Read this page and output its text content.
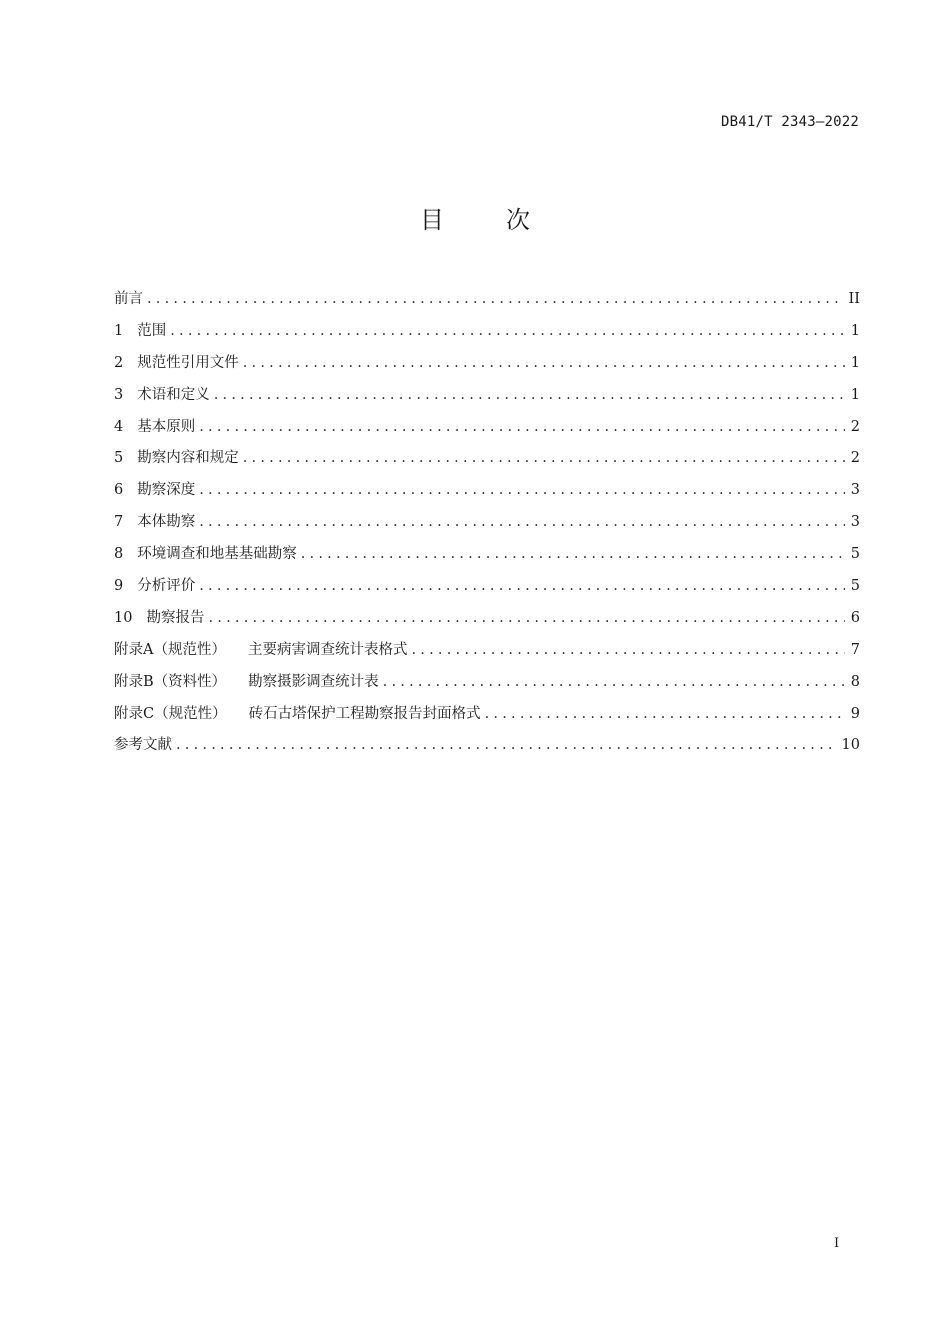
DB41/T 2343—2022
目次
前言 .....	II
1 范围 .....	1
2 规范性引用文件 .....	1
3 术语和定义 .....	1
4 基本原则 .....	2
5 勘察内容和规定 .....	2
6 勘察深度 .....	3
7 本体勘察 .....	3
8 环境调查和地基基础勘察 .....	5
9 分析评价 .....	5
10 勘察报告 .....	6
附录A（规范性） 主要病害调查统计表格式 .....	7
附录B（资料性） 勘察摄影调查统计表 .....	8
附录C（规范性） 砖石古塔保护工程勘察报告封面格式 .....	9
参考文献 .....	10
I
